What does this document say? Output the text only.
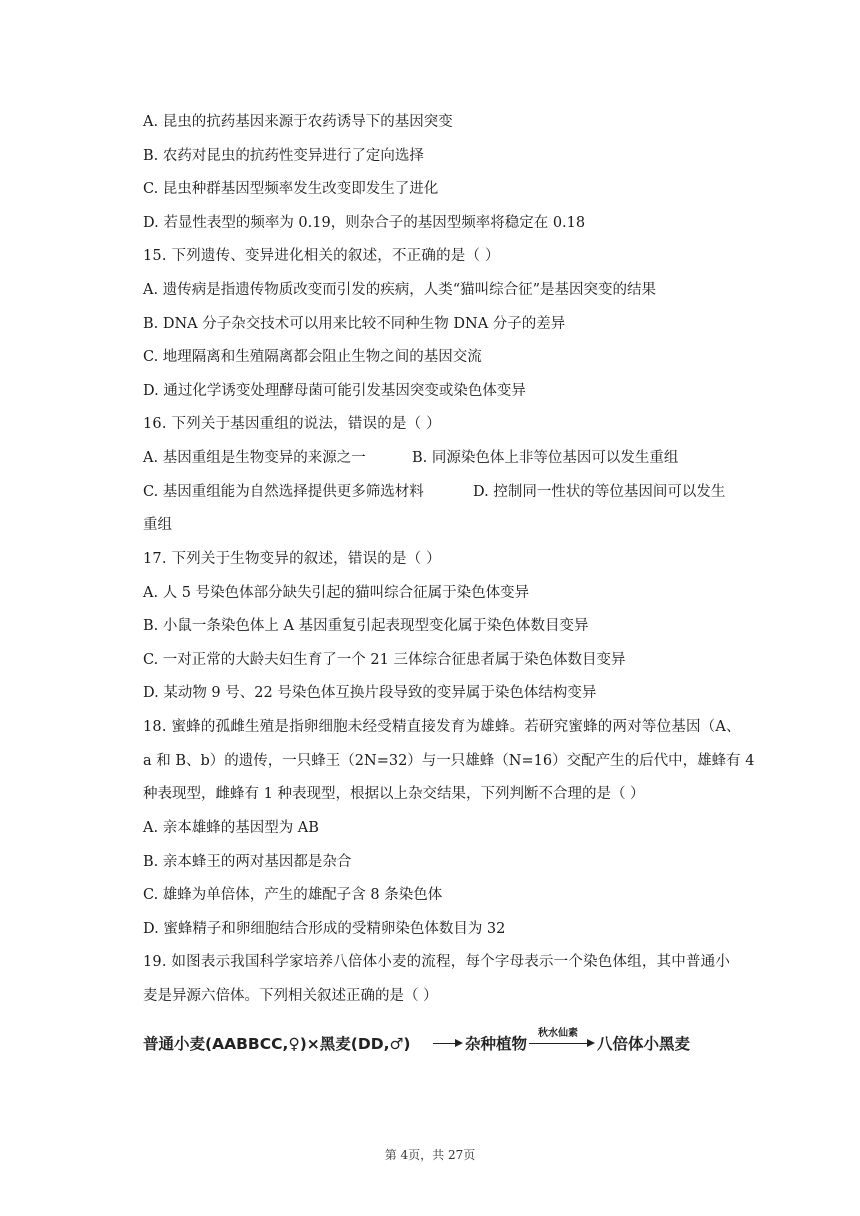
A. 昆虫的抗药基因来源于农药诱导下的基因突变
B. 农药对昆虫的抗药性变异进行了定向选择
C. 昆虫种群基因型频率发生改变即发生了进化
D. 若显性表型的频率为 0.19，则杂合子的基因型频率将稳定在 0.18
15. 下列遗传、变异进化相关的叙述，不正确的是（ ）
A. 遗传病是指遗传物质改变而引发的疾病，人类“猫叫综合征”是基因突变的结果
B. DNA 分子杂交技术可以用来比较不同种生物 DNA 分子的差异
C. 地理隔离和生殖隔离都会阻止生物之间的基因交流
D. 通过化学诱变处理酵母菌可能引发基因突变或染色体变异
16. 下列关于基因重组的说法，错误的是（ ）
A. 基因重组是生物变异的来源之一	B. 同源染色体上非等位基因可以发生重组
C. 基因重组能为自然选择提供更多筛选材料	D. 控制同一性状的等位基因间可以发生
重组
17. 下列关于生物变异的叙述，错误的是（ ）
A. 人 5 号染色体部分缺失引起的猫叫综合征属于染色体变异
B. 小鼠一条染色体上 A 基因重复引起表现型变化属于染色体数目变异
C. 一对正常的大龄夫妇生育了一个 21 三体综合征患者属于染色体数目变异
D. 某动物 9 号、22 号染色体互换片段导致的变异属于染色体结构变异
18. 蜜蜂的孤雌生殖是指卵细胞未经受精直接发育为雄蜂。若研究蜜蜂的两对等位基因（A、
a 和 B、b）的遗传，一只蜂王（2N=32）与一只雄蜂（N=16）交配产生的后代中，雄蜂有 4
种表现型，雌蜂有 1 种表现型，根据以上杂交结果，下列判断不合理的是（ ）
A. 亲本雄蜂的基因型为 AB
B. 亲本蜂王的两对基因都是杂合
C. 雄蜂为单倍体，产生的雄配子含 8 条染色体
D. 蜜蜂精子和卵细胞结合形成的受精卵染色体数目为 32
19. 如图表示我国科学家培养八倍体小麦的流程，每个字母表示一个染色体组，其中普通小
麦是异源六倍体。下列相关叙述正确的是（ ）
普通小麦(AABBCC,♀)×黑麦(DD,♂)	杂种植物
秋水仙素
八倍体小黑麦
第 4页，共 27页
